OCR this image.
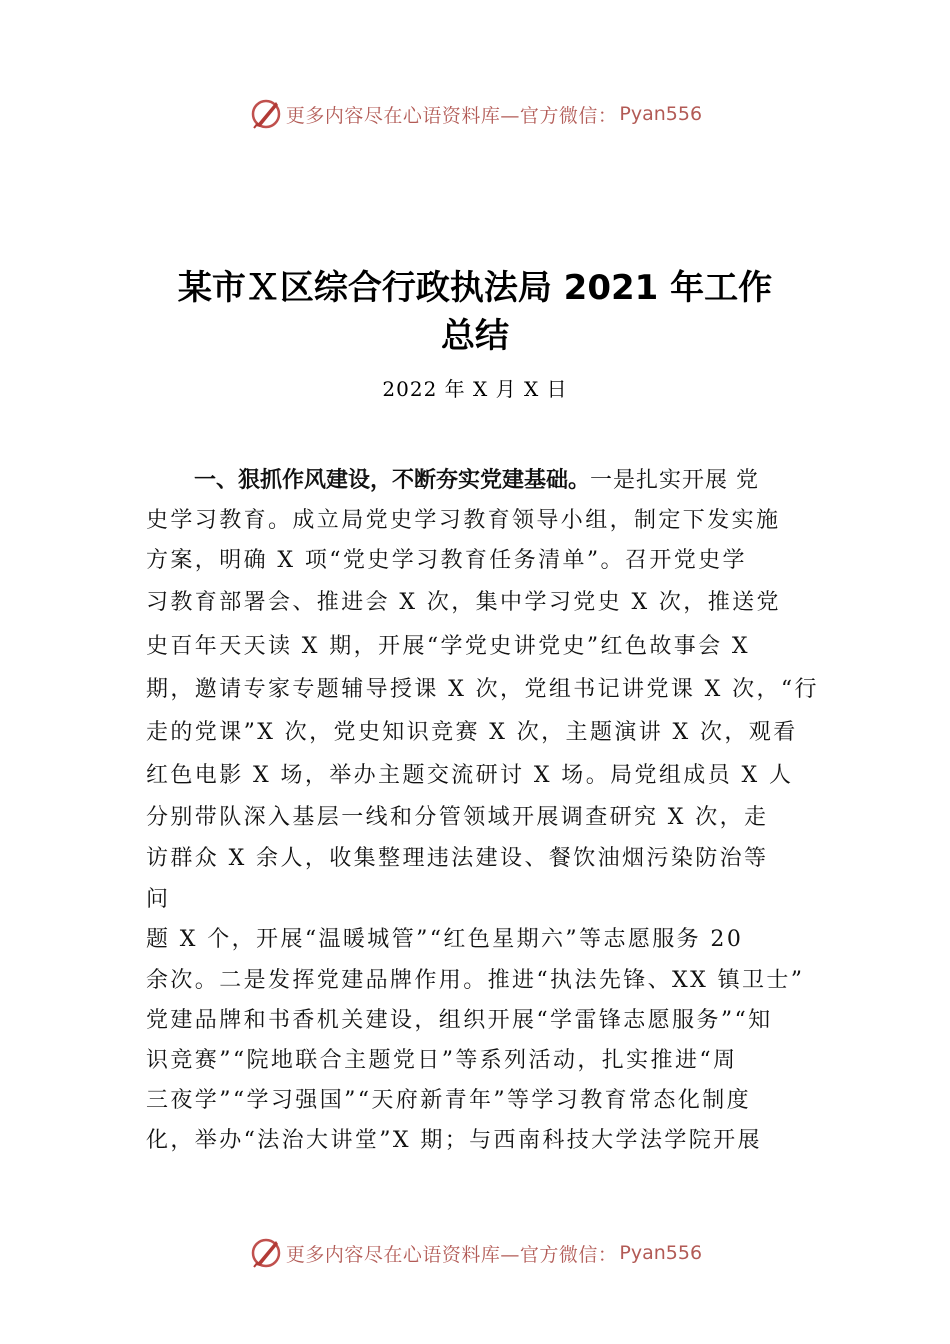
更多内容尽在心语资料库—官方微信： Pyan556
某市Ｘ区综合行政执法局 2021 年工作
总结
2022 年 X 月 X 日

一、狠抓作风建设，不断夯实党建基础。一是扎实开展 党

史学习教育。成立局党史学习教育领导小组，制定下发实施

方案，明确 X 项“党史学习教育任务清单”。召开党史学

习教育部署会、推进会 X 次，集中学习党史 X 次，推送党

史百年天天读 X 期，开展“学党史讲党史”红色故事会 X

期，邀请专家专题辅导授课 X 次，党组书记讲党课 X 次，“行

走的党课”X 次，党史知识竞赛 X 次，主题演讲 X 次，观看

红色电影 X 场，举办主题交流研讨 X 场。局党组成员 X 人

分别带队深入基层一线和分管领域开展调查研究 X 次，走

访群众 X 余人，收集整理违法建设、餐饮油烟污染防治等

问

题 X 个，开展“温暖城管”“红色星期六”等志愿服务 20

余次。二是发挥党建品牌作用。推进“执法先锋、XX 镇卫士”

党建品牌和书香机关建设，组织开展“学雷锋志愿服务”“知

识竞赛”“院地联合主题党日”等系列活动，扎实推进“周

三夜学”“学习强国”“天府新青年”等学习教育常态化制度

化，举办“法治大讲堂”X 期；与西南科技大学法学院开展

更多内容尽在心语资料库—官方微信： Pyan556
